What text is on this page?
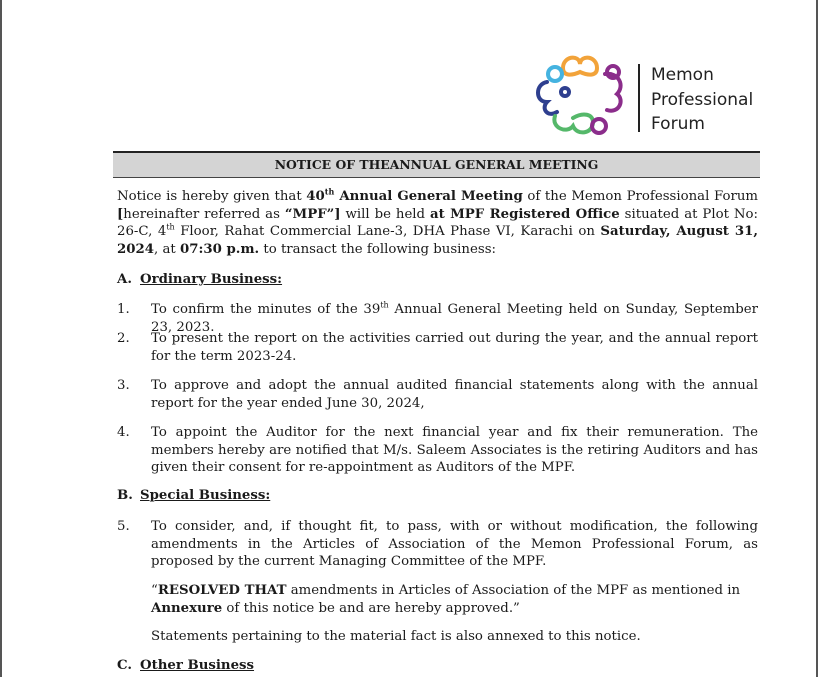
Memon
Professional
Forum
NOTICE OF THEANNUAL GENERAL MEETING
Notice is hereby given that 40th Annual General Meeting of the Memon Professional Forum [hereinafter referred as “MPF”] will be held at MPF Registered Office situated at Plot No: 26-C, 4th Floor, Rahat Commercial Lane-3, DHA Phase VI, Karachi on Saturday, August 31, 2024, at 07:30 p.m. to transact the following business:
A. Ordinary Business:
1. To confirm the minutes of the 39th Annual General Meeting held on Sunday, September 23, 2023.
2. To present the report on the activities carried out during the year, and the annual report for the term 2023-24.
3. To approve and adopt the annual audited financial statements along with the annual report for the year ended June 30, 2024,
4. To appoint the Auditor for the next financial year and fix their remuneration. The members hereby are notified that M/s. Saleem Associates is the retiring Auditors and has given their consent for re-appointment as Auditors of the MPF.
B. Special Business:
5. To consider, and, if thought fit, to pass, with or without modification, the following amendments in the Articles of Association of the Memon Professional Forum, as proposed by the current Managing Committee of the MPF.
“RESOLVED THAT amendments in Articles of Association of the MPF as mentioned in Annexure of this notice be and are hereby approved.”
Statements pertaining to the material fact is also annexed to this notice.
C. Other Business
